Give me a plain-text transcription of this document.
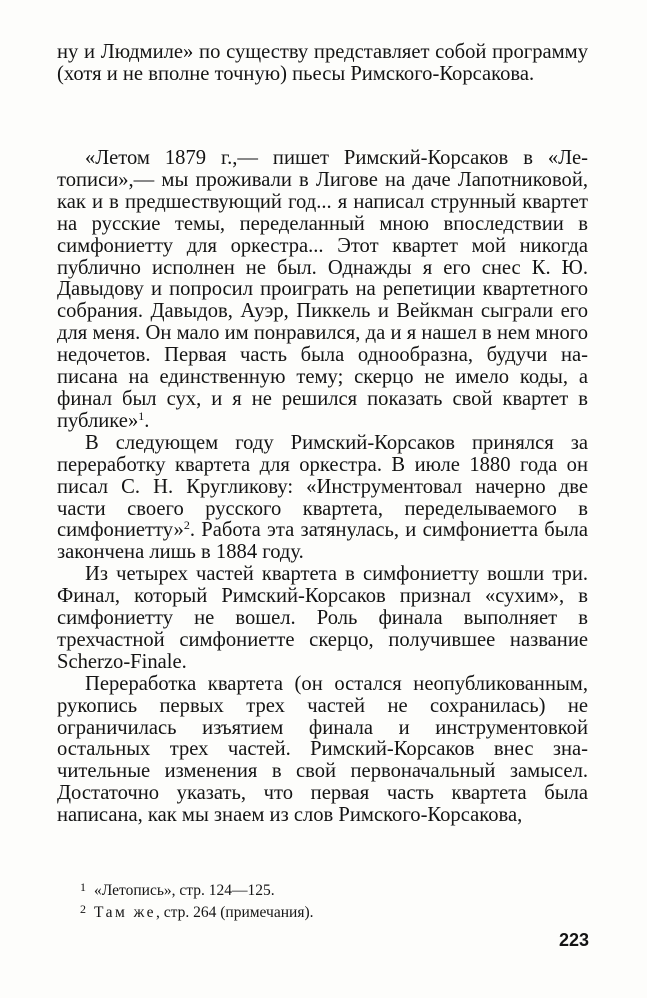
ну и Людмиле» по существу представляет собой программу (хотя и не вполне точную) пьесы Римского-Корсакова.

«Летом 1879 г.,— пишет Римский-Корсаков в «Летописи»,— мы проживали в Лигове на даче Лапотниковой, как и в предшествующий год... я написал струнный квартет на русские темы, переделанный мною впоследствии в симфониетту для оркестра... Этот квартет мой никогда публично исполнен не был. Однажды я его снес К. Ю. Давыдову и попросил проиграть на репетиции квартетного собрания. Давыдов, Ауэр, Пиккель и Вейкман сыграли его для меня. Он мало им понравился, да и я нашел в нем много недочетов. Первая часть была однообразна, будучи написана на единственную тему; скерцо не имело коды, а финал был сух, и я не решился показать свой квартет в публике»$^1$.

В следующем году Римский-Корсаков принялся за переработку квартета для оркестра. В июле 1880 года он писал С. Н. Кругликову: «Инструментовал начерно две части своего русского квартета, переделываемого в симфониетту»$^2$. Работа эта затянулась, и симфониетта была закончена лишь в 1884 году.

Из четырех частей квартета в симфониетту вошли три. Финал, который Римский-Корсаков признал «сухим», в симфониетту не вошел. Роль финала выполняет в трехчастной симфониетте скерцо, получившее название Scherzo-Finale.

Переработка квартета (он остался неопубликованным, рукопись первых трех частей не сохранилась) не ограничилась изъятием финала и инструментовкой остальных трех частей. Римский-Корсаков внес значительные изменения в свой первоначальный замысел. Достаточно указать, что первая часть квартета была написана, как мы знаем из слов Римского-Корсакова,

1 «Летопись», стр. 124—125.
2 Там же, стр. 264 (примечания).
223
